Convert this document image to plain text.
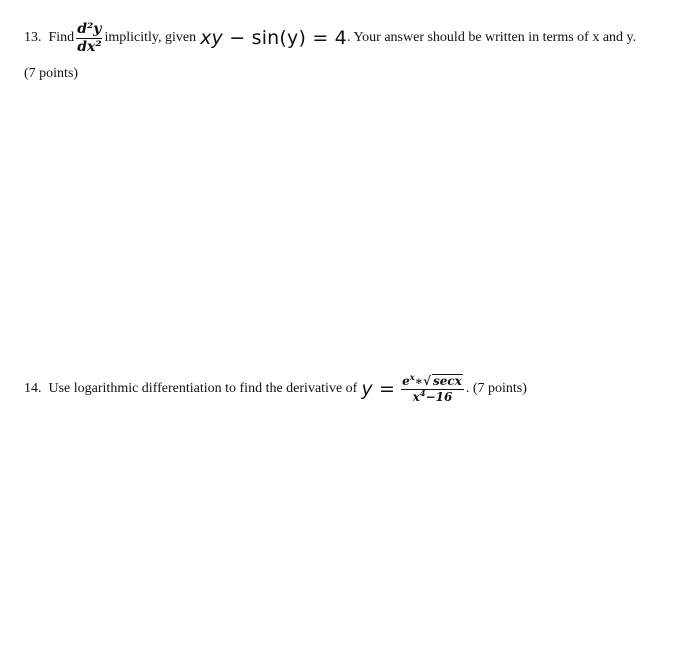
13. Find $\frac{\text{d²y}}{\text{dx²}}$ implicitly, given xy − sin(y) = 4 . Your answer should be written in terms of x and y.
(7 points)
14. Use logarithmic differentiation to find the derivative of $y = \frac{e^x∗√ \sec x}{x^4-16}$ . (7 points)
